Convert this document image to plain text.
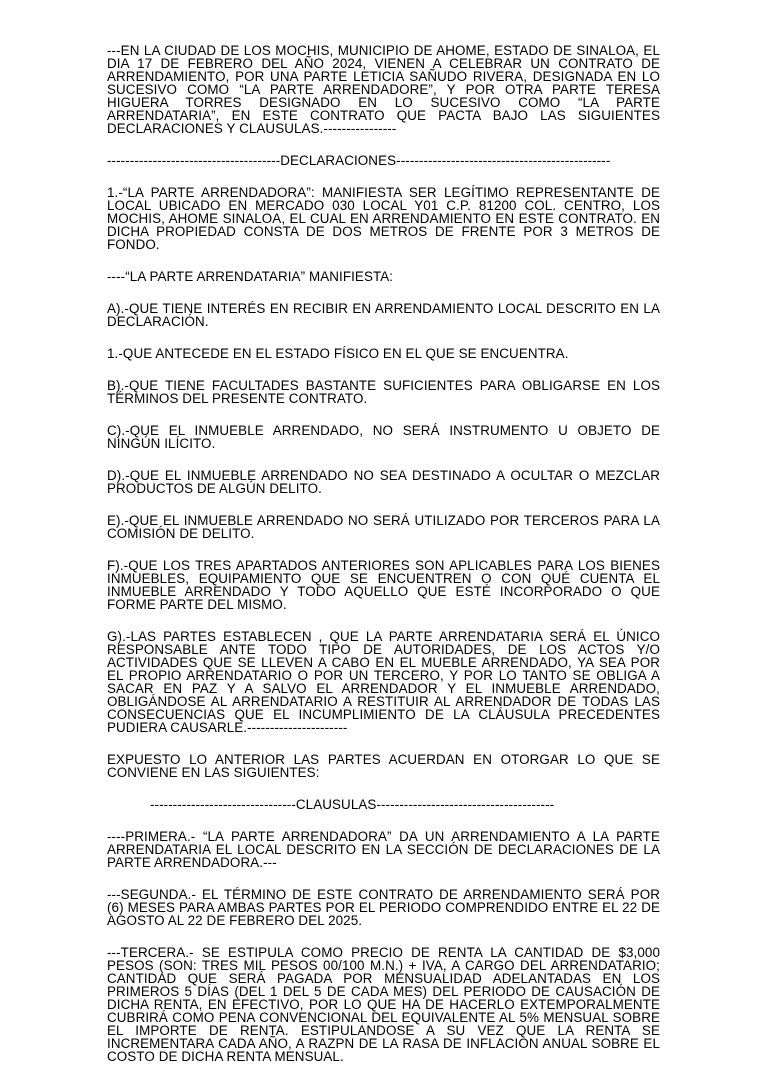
---EN LA CIUDAD DE LOS MOCHIS, MUNICIPIO DE AHOME, ESTADO DE SINALOA, EL DIA 17 DE FEBRERO DEL AÑO 2024, VIENEN A CELEBRAR UN CONTRATO DE ARRENDAMIENTO, POR UNA PARTE LETICIA SAÑUDO RIVERA, DESIGNADA EN LO SUCESIVO COMO “LA PARTE ARRENDADORE”, Y POR OTRA PARTE TERESA HIGUERA TORRES DESIGNADO EN LO SUCESIVO COMO “LA PARTE ARRENDATARIA”, EN ESTE CONTRATO QUE PACTA BAJO LAS SIGUIENTES DECLARACIONES Y CLAUSULAS.----------------

--------------------------------------DECLARACIONES-----------------------------------------------

1.-“LA PARTE ARRENDADORA”: MANIFIESTA SER LEGÍTIMO REPRESENTANTE DE LOCAL UBICADO EN MERCADO 030 LOCAL Y01 C.P. 81200 COL. CENTRO, LOS MOCHIS, AHOME SINALOA, EL CUAL EN ARRENDAMIENTO EN ESTE CONTRATO. EN DICHA PROPIEDAD CONSTA DE DOS METROS DE FRENTE POR 3 METROS DE FONDO.

----“LA PARTE ARRENDATARIA” MANIFIESTA:

A).-QUE TIENE INTERÉS EN RECIBIR EN ARRENDAMIENTO LOCAL DESCRITO EN LA DECLARACIÓN.

1.-QUE ANTECEDE EN EL ESTADO FÍSICO EN EL QUE SE ENCUENTRA.

B).-QUE TIENE FACULTADES BASTANTE SUFICIENTES PARA OBLIGARSE EN LOS TÉRMINOS DEL PRESENTE CONTRATO.

C).-QUE EL INMUEBLE ARRENDADO, NO SERÁ INSTRUMENTO U OBJETO DE NINGÚN ILÍCITO.

D).-QUE EL INMUEBLE ARRENDADO NO SEA DESTINADO A OCULTAR O MEZCLAR PRODUCTOS DE ALGÚN DELITO.

E).-QUE EL INMUEBLE ARRENDADO NO SERÁ UTILIZADO POR TERCEROS PARA LA COMISIÓN DE DELITO.

F).-QUE LOS TRES APARTADOS ANTERIORES SON APLICABLES PARA LOS BIENES INMUEBLES, EQUIPAMIENTO QUE SE ENCUENTREN O CON QUÉ CUENTA EL INMUEBLE ARRENDADO Y TODO AQUELLO QUE ESTÉ INCORPORADO O QUE FORME PARTE DEL MISMO.

G).-LAS PARTES ESTABLECEN , QUE LA PARTE ARRENDATARIA SERÁ EL ÚNICO RESPONSABLE ANTE TODO TIPO DE AUTORIDADES, DE LOS ACTOS Y/O ACTIVIDADES QUE SE LLEVEN A CABO EN EL MUEBLE ARRENDADO, YA SEA POR EL PROPIO ARRENDATARIO O POR UN TERCERO, Y POR LO TANTO SE OBLIGA A SACAR EN PAZ Y A SALVO EL ARRENDADOR Y EL INMUEBLE ARRENDADO, OBLIGÁNDOSE AL ARRENDATARIO A RESTITUIR AL ARRENDADOR DE TODAS LAS CONSECUENCIAS QUE EL INCUMPLIMIENTO DE LA CLÁUSULA PRECEDENTES PUDIERA CAUSARLE.----------------------

EXPUESTO LO ANTERIOR LAS PARTES ACUERDAN EN OTORGAR LO QUE SE CONVIENE EN LAS SIGUIENTES:

--------------------------------CLAUSULAS---------------------------------------

----PRIMERA.- “LA PARTE ARRENDADORA” DA UN ARRENDAMIENTO A LA PARTE ARRENDATARIA EL LOCAL DESCRITO EN LA SECCIÓN DE DECLARACIONES DE LA PARTE ARRENDADORA.---

---SEGUNDA.- EL TÉRMINO DE ESTE CONTRATO DE ARRENDAMIENTO SERÁ POR (6) MESES PARA AMBAS PARTES POR EL PERIODO COMPRENDIDO ENTRE EL 22 DE AGOSTO AL 22 DE FEBRERO DEL 2025.

---TERCERA.- SE ESTIPULA COMO PRECIO DE RENTA LA CANTIDAD DE $3,000 PESOS (SON: TRES MIL PESOS 00/100 M.N.) + IVA, A CARGO DEL ARRENDATARIO; CANTIDAD QUE SERÁ PAGADA POR MENSUALIDAD ADELANTADAS EN LOS PRIMEROS 5 DÍAS (DEL 1 DEL 5 DE CADA MES) DEL PERIODO DE CAUSACIÓN DE DICHA RENTA, EN EFECTIVO, POR LO QUE HA DE HACERLO EXTEMPORALMENTE CUBRIRÁ COMO PENA CONVENCIONAL DEL EQUIVALENTE AL 5% MENSUAL SOBRE EL IMPORTE DE RENTA. ESTIPULANDOSE A SU VEZ QUE LA RENTA SE INCREMENTARA CADA AÑO, A RAZPN DE LA RASA DE INFLACION ANUAL SOBRE EL COSTO DE DICHA RENTA MENSUAL.
